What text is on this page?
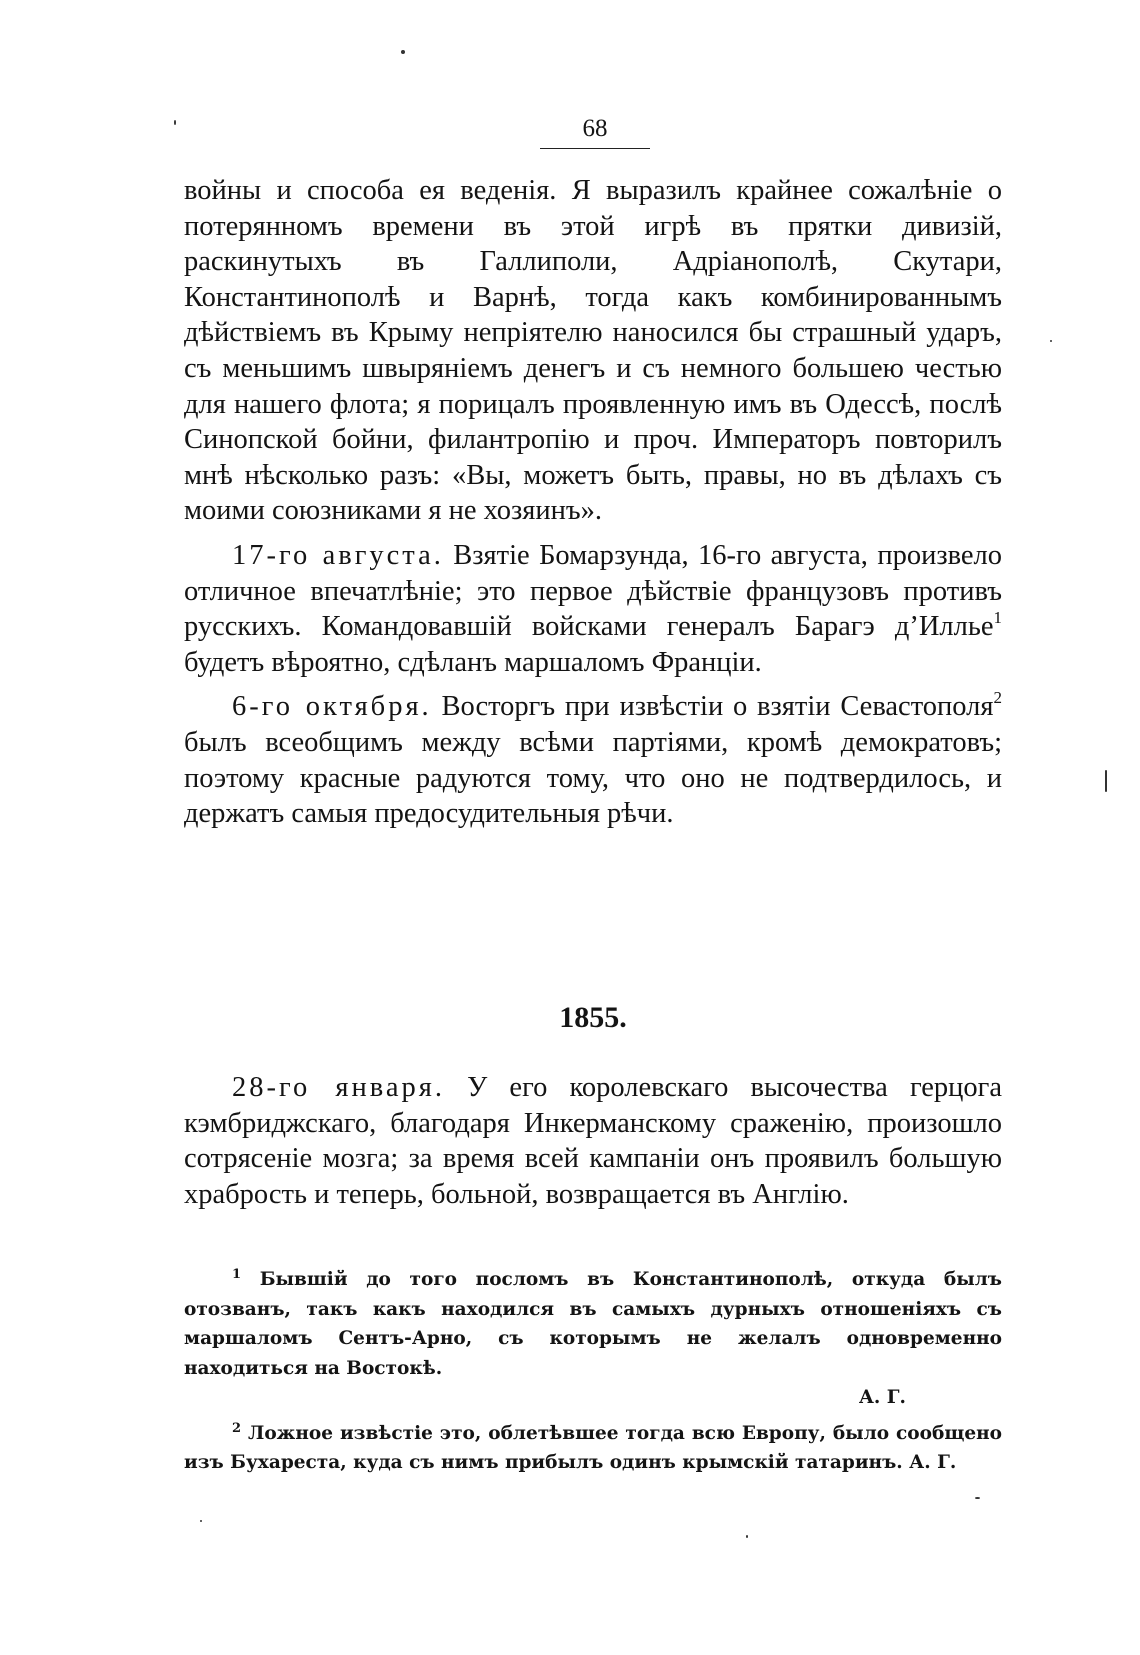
68

войны и способа ея веденія. Я выразилъ крайнее сожалѣніе о потерянномъ времени въ этой игрѣ въ прятки дивизій, раскинутыхъ въ Галлиполи, Адріанополѣ, Скутари, Константинополѣ и Варнѣ, тогда какъ комбинированнымъ дѣйствіемъ въ Крыму непріятелю наносился бы страшный ударъ, съ меньшимъ швыряніемъ денегъ и съ немного большею честью для нашего флота; я порицалъ проявленную имъ въ Одессѣ, послѣ Синопской бойни, филантропію и проч. Императоръ повторилъ мнѣ нѣсколько разъ: «Вы, можетъ быть, правы, но въ дѣлахъ съ моими союзниками я не хозяинъ».

17-го августа. Взятіе Бомарзунда, 16-го августа, произвело отличное впечатлѣніе; это первое дѣйствіе французовъ противъ русскихъ. Командовавшій войсками генералъ Барагэ д’Иллье$^1$ будетъ вѣроятно, сдѣланъ маршаломъ Франціи.

6-го октября. Восторгъ при извѣстіи о взятіи Севастополя$^2$ былъ всеобщимъ между всѣми партіями, кромѣ демократовъ; поэтому красные радуются тому, что оно не подтвердилось, и держатъ самыя предосудительныя рѣчи.

1855.

28-го января. У его королевскаго высочества герцога кэмбриджскаго, благодаря Инкерманскому сраженію, произошло сотрясеніе мозга; за время всей кампаніи онъ проявилъ большую храбрость и теперь, больной, возвращается въ Англію.

$^1$ Бывшій до того посломъ въ Константинополѣ, откуда былъ отозванъ, такъ какъ находился въ самыхъ дурныхъ отношеніяхъ съ маршаломъ Сентъ-Арно, съ которымъ не желалъ одновременно находиться на Востокѣ.
А. Г.

$^2$ Ложное извѣстіе это, облетѣвшее тогда всю Европу, было сообщено изъ Бухареста, куда съ нимъ прибылъ одинъ крымскій татаринъ. А. Г.
